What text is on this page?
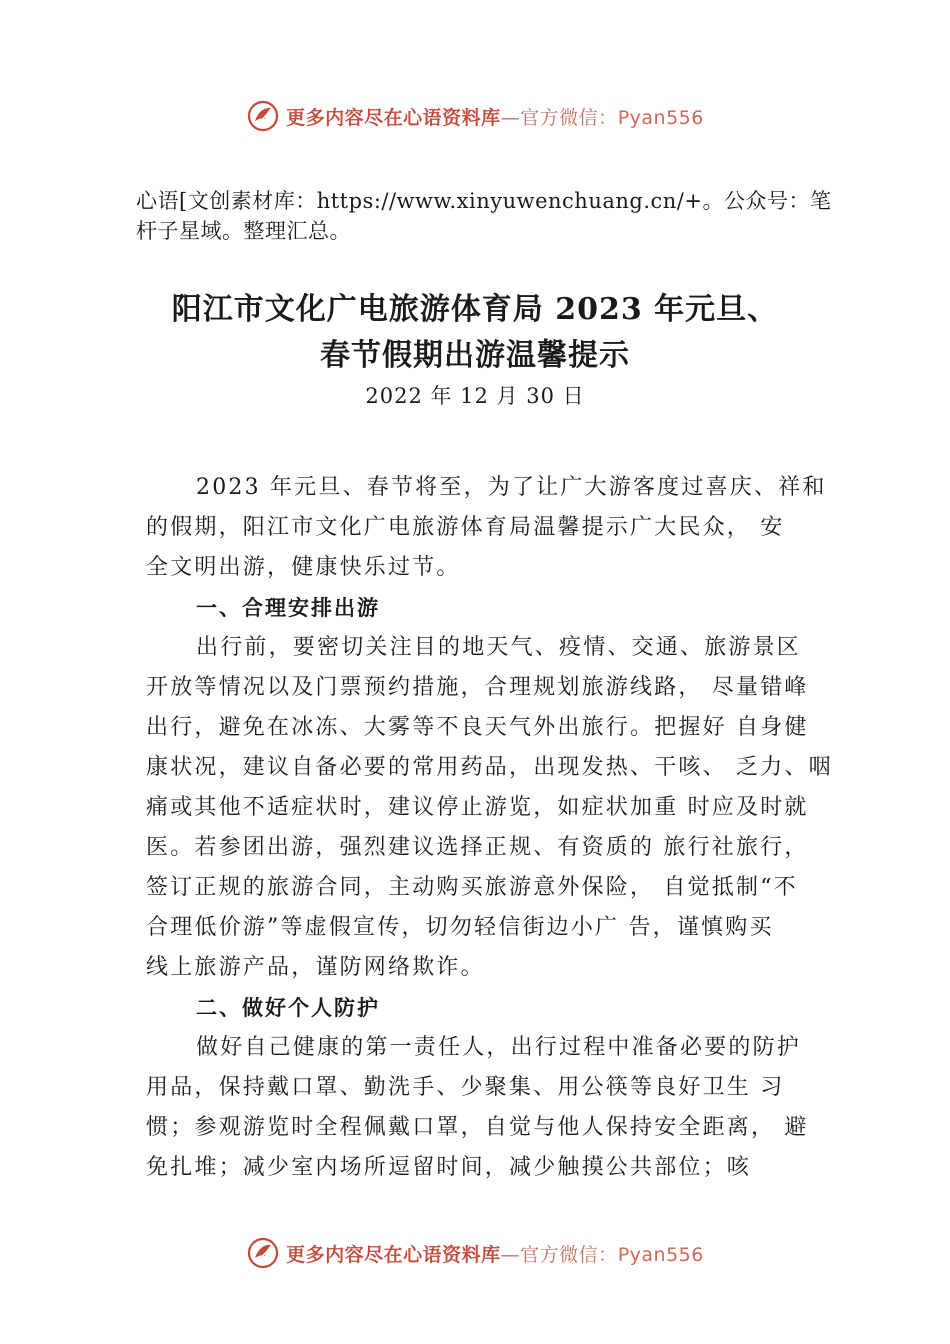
更多内容尽在心语资料库—官方微信：Pyan556
心语[文创素材库：https://www.xinyuwenchuang.cn/+。公众号：笔杆子星域。整理汇总。
阳江市文化广电旅游体育局 2023 年元旦、
春节假期出游温馨提示
2022 年 12 月 30 日
2023 年元旦、春节将至，为了让广大游客度过喜庆、祥和
的假期，阳江市文化广电旅游体育局温馨提示广大民众， 安
全文明出游，健康快乐过节。
一、合理安排出游
出行前，要密切关注目的地天气、疫情、交通、旅游景区
开放等情况以及门票预约措施，合理规划旅游线路， 尽量错峰
出行，避免在冰冻、大雾等不良天气外出旅行。把握好 自身健
康状况，建议自备必要的常用药品，出现发热、干咳、 乏力、咽
痛或其他不适症状时，建议停止游览，如症状加重 时应及时就
医。若参团出游，强烈建议选择正规、有资质的 旅行社旅行，
签订正规的旅游合同，主动购买旅游意外保险， 自觉抵制“不
合理低价游”等虚假宣传，切勿轻信街边小广 告，谨慎购买
线上旅游产品，谨防网络欺诈。
二、做好个人防护
做好自己健康的第一责任人，出行过程中准备必要的防护
用品，保持戴口罩、勤洗手、少聚集、用公筷等良好卫生 习
惯；参观游览时全程佩戴口罩，自觉与他人保持安全距离， 避
免扎堆；减少室内场所逗留时间，减少触摸公共部位；咳
更多内容尽在心语资料库—官方微信：Pyan556
